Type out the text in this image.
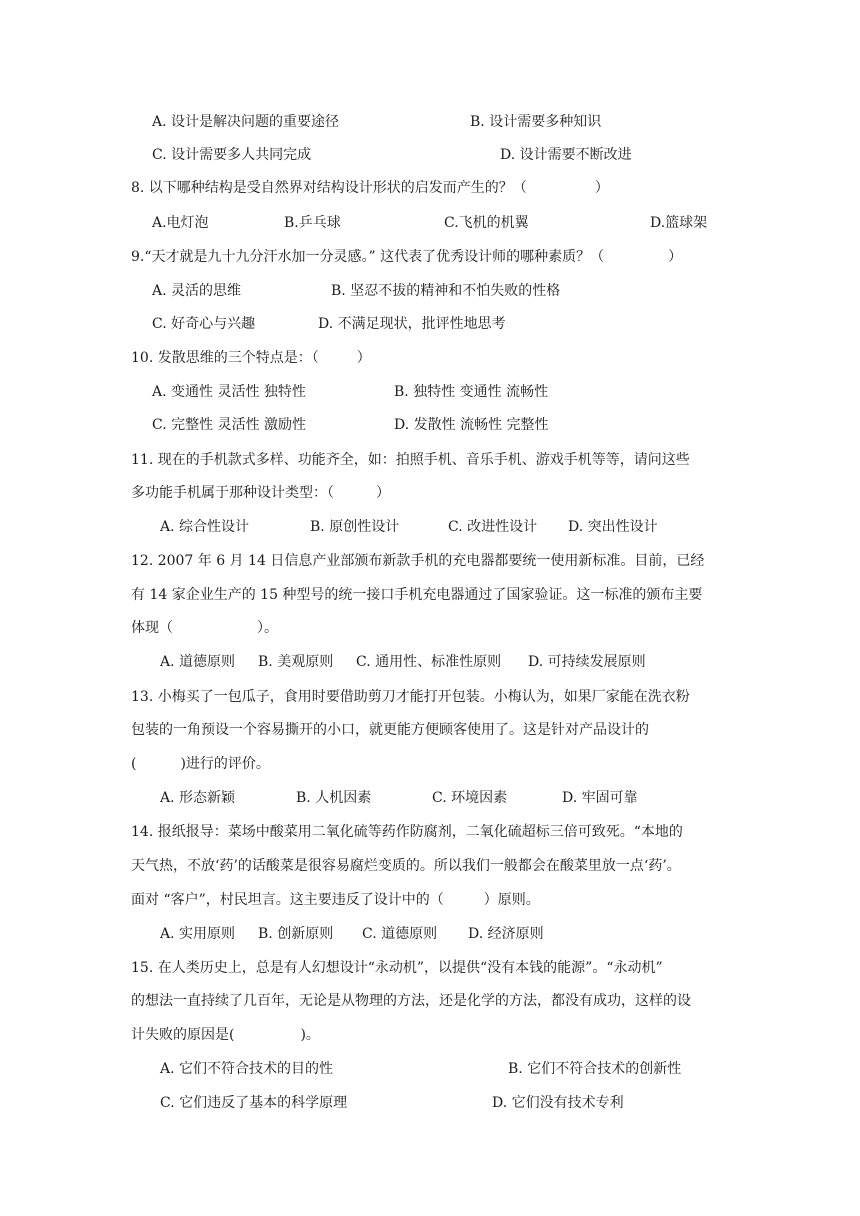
A. 设计是解决问题的重要途径	B. 设计需要多种知识
C. 设计需要多人共同完成	D. 设计需要不断改进
8. 以下哪种结构是受自然界对结构设计形状的启发而产生的？（	）
A.电灯泡	B.乒乓球	C.飞机的机翼	D.篮球架
9.“天才就是九十九分汗水加一分灵感。” 这代表了优秀设计师的哪种素质？（	）
A. 灵活的思维	B. 坚忍不拔的精神和不怕失败的性格
C. 好奇心与兴趣	D. 不满足现状，批评性地思考
10. 发散思维的三个特点是：（	）
A. 变通性 灵活性 独特性	B. 独特性 变通性 流畅性
C. 完整性 灵活性 激励性	D. 发散性 流畅性 完整性
11. 现在的手机款式多样、功能齐全，如：拍照手机、音乐手机、游戏手机等等，请问这些
多功能手机属于那种设计类型：（	）
A. 综合性设计	B. 原创性设计	C. 改进性设计 D. 突出性设计
12. 2007 年 6 月 14 日信息产业部颁布新款手机的充电器都要统一使用新标准。目前，已经
有 14 家企业生产的 15 种型号的统一接口手机充电器通过了国家验证。这一标准的颁布主要
体现（	）。
A. 道德原则 B. 美观原则 C. 通用性、标准性原则 D. 可持续发展原则
13. 小梅买了一包瓜子，食用时要借助剪刀才能打开包装。小梅认为，如果厂家能在洗衣粉
包装的一角预设一个容易撕开的小口，就更能方便顾客使用了。这是针对产品设计的
(	)进行的评价。
A. 形态新颖	B. 人机因素	C. 环境因素	D. 牢固可靠
14. 报纸报导：菜场中酸菜用二氧化硫等药作防腐剂，二氧化硫超标三倍可致死。“本地的
天气热，不放‘药’的话酸菜是很容易腐烂变质的。所以我们一般都会在酸菜里放一点‘药’。
面对 “客户”，村民坦言。这主要违反了设计中的（	）原则。
A. 实用原则 B. 创新原则 C. 道德原则 D. 经济原则
15. 在人类历史上，总是有人幻想设计“永动机”，以提供“没有本钱的能源”。“永动机”
的想法一直持续了几百年，无论是从物理的方法，还是化学的方法，都没有成功，这样的设
计失败的原因是(	)。
A. 它们不符合技术的目的性	B. 它们不符合技术的创新性
C. 它们违反了基本的科学原理	D. 它们没有技术专利
